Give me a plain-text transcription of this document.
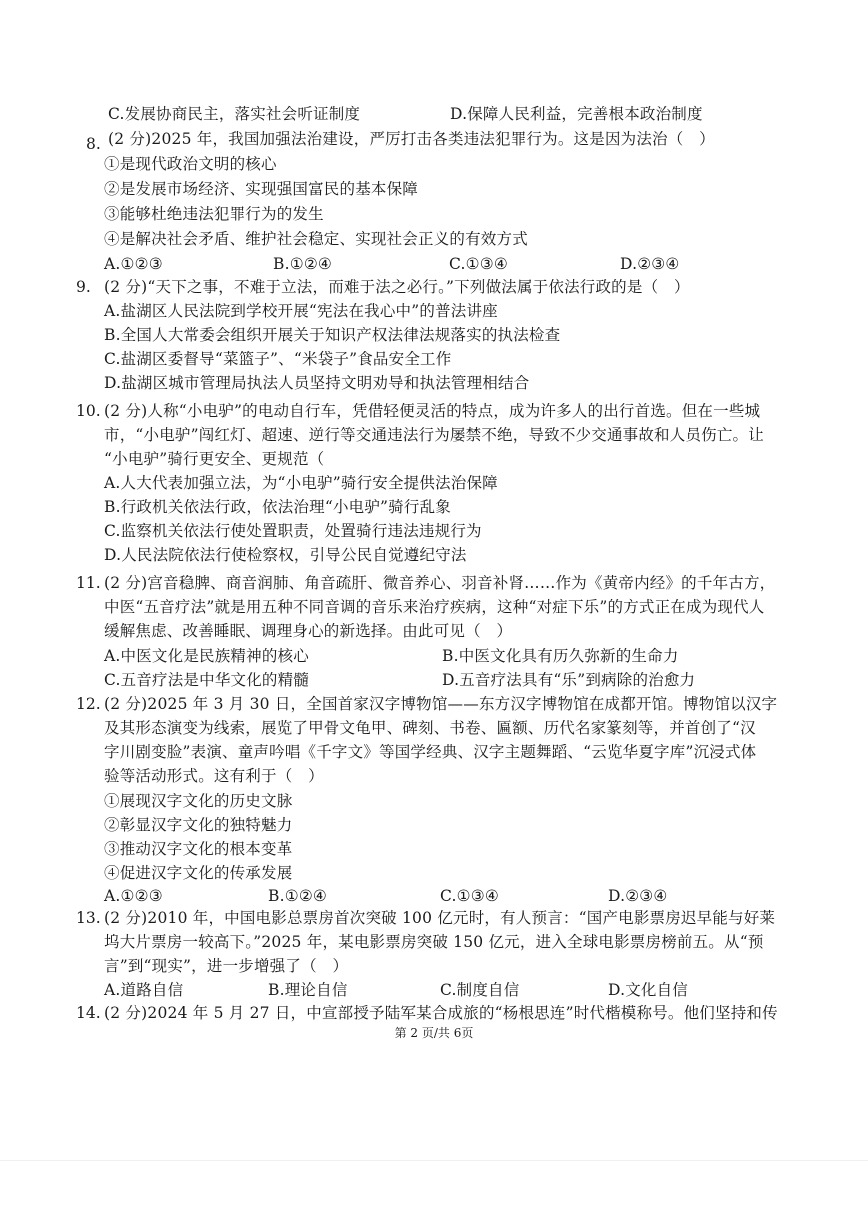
C.发展协商民主，落实社会听证制度	D.保障人民利益，完善根本政治制度
8. (2 分)2025 年，我国加强法治建设，严厉打击各类违法犯罪行为。这是因为法治（　）
①是现代政治文明的核心
②是发展市场经济、实现强国富民的基本保障
③能够杜绝违法犯罪行为的发生
④是解决社会矛盾、维护社会稳定、实现社会正义的有效方式
A.①②③	B.①②④	C.①③④	D.②③④
9. (2 分)“天下之事，不难于立法，而难于法之必行。”下列做法属于依法行政的是（　）
A.盐湖区人民法院到学校开展“宪法在我心中”的普法讲座
B.全国人大常委会组织开展关于知识产权法律法规落实的执法检查
C.盐湖区委督导“菜篮子”、“米袋子”食品安全工作
D.盐湖区城市管理局执法人员坚持文明劝导和执法管理相结合
10. (2 分)人称“小电驴”的电动自行车，凭借轻便灵活的特点，成为许多人的出行首选。但在一些城
市，“小电驴”闯红灯、超速、逆行等交通违法行为屡禁不绝，导致不少交通事故和人员伤亡。让
“小电驴”骑行更安全、更规范（
A.人大代表加强立法，为“小电驴”骑行安全提供法治保障
B.行政机关依法行政，依法治理“小电驴”骑行乱象
C.监察机关依法行使处置职责，处置骑行违法违规行为
D.人民法院依法行使检察权，引导公民自觉遵纪守法
11. (2 分)宫音稳脾、商音润肺、角音疏肝、微音养心、羽音补肾……作为《黄帝内经》的千年古方，
中医“五音疗法”就是用五种不同音调的音乐来治疗疾病，这种“对症下乐”的方式正在成为现代人
缓解焦虑、改善睡眠、调理身心的新选择。由此可见（　）
A.中医文化是民族精神的核心	B.中医文化具有历久弥新的生命力
C.五音疗法是中华文化的精髓	D.五音疗法具有“乐”到病除的治愈力
12. (2 分)2025 年 3 月 30 日，全国首家汉字博物馆——东方汉字博物馆在成都开馆。博物馆以汉字
及其形态演变为线索，展览了甲骨文龟甲、碑刻、书卷、匾额、历代名家篆刻等，并首创了“汉
字川剧变脸”表演、童声吟唱《千字文》等国学经典、汉字主题舞蹈、“云览华夏字库”沉浸式体
验等活动形式。这有利于（　）
①展现汉字文化的历史文脉
②彰显汉字文化的独特魅力
③推动汉字文化的根本变革
④促进汉字文化的传承发展
A.①②③	B.①②④	C.①③④	D.②③④
13. (2 分)2010 年，中国电影总票房首次突破 100 亿元时，有人预言：“国产电影票房迟早能与好莱
坞大片票房一较高下。”2025 年，某电影票房突破 150 亿元，进入全球电影票房榜前五。从“预
言”到“现实”，进一步增强了（　）
A.道路自信	B.理论自信	C.制度自信	D.文化自信
14. (2 分)2024 年 5 月 27 日，中宣部授予陆军某合成旅的“杨根思连”时代楷模称号。他们坚持和传
第 2 页/共 6页
